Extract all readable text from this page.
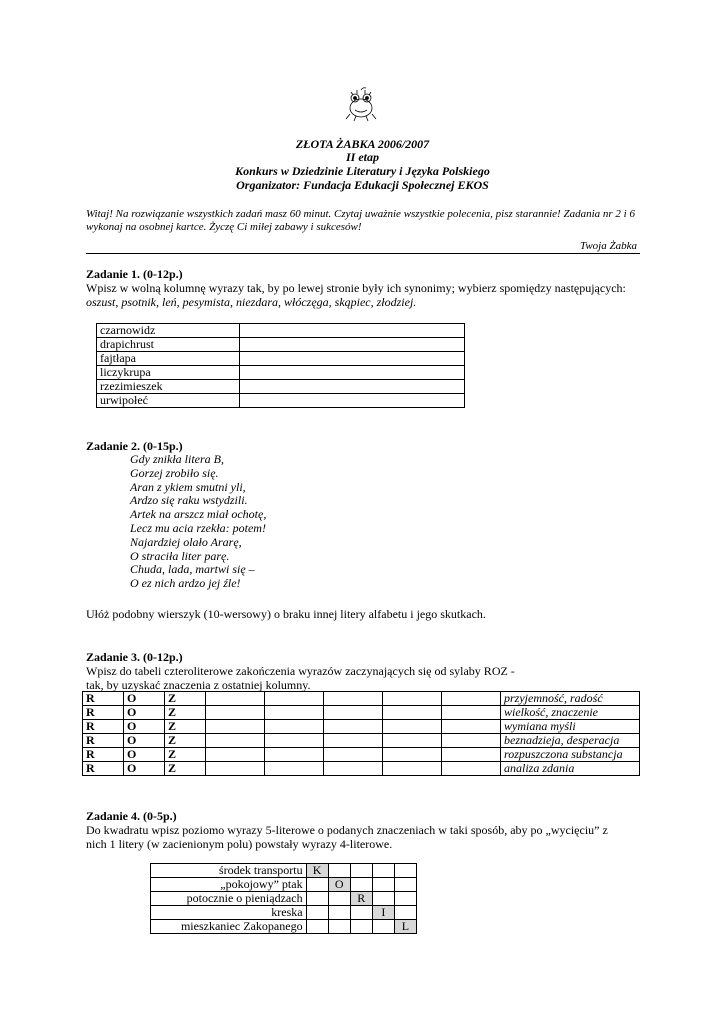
ZŁOTA ŻABKA 2006/2007
II etap
Konkurs w Dziedzinie Literatury i Języka Polskiego
Organizator: Fundacja Edukacji Społecznej EKOS
Witaj! Na rozwiązanie wszystkich zadań masz 60 minut. Czytaj uważnie wszystkie polecenia, pisz starannie! Zadania nr 2 i 6 wykonaj na osobnej kartce. Życzę Ci miłej zabawy i sukcesów!
Twoja Żabka
Zadanie 1. (0-12p.)
Wpisz w wolną kolumnę wyrazy tak, by po lewej stronie były ich synonimy; wybierz spomiędzy następujących:
oszust, psotnik, leń, pesymista, niezdara, włóczęga, skąpiec, złodziej.
czarnowidz	
drapichrust	
fajtłapa	
liczykrupa	
rzezimieszek	
urwipołeć	
Zadanie 2. (0-15p.)
Gdy znikła litera B,
Gorzej zrobiło się.
Aran z ykiem smutni yli,
Ardzo się raku wstydzili.
Artek na arszcz miał ochotę,
Lecz mu acia rzekła: potem!
Najardziej olało Ararę,
O straciła liter parę.
Chuda, lada, martwi się –
O ez nich ardzo jej źle!
Ułóż podobny wierszyk (10-wersowy) o braku innej litery alfabetu i jego skutkach.
Zadanie 3. (0-12p.)
Wpisz do tabeli czteroliterowe zakończenia wyrazów zaczynających się od sylaby ROZ -
tak, by uzyskać znaczenia z ostatniej kolumny.
R	O	Z						przyjemność, radość
R	O	Z						wielkość, znaczenie
R	O	Z						wymiana myśli
R	O	Z						beznadzieja, desperacja
R	O	Z						rozpuszczona substancja
R	O	Z						analiza zdania
Zadanie 4. (0-5p.)
Do kwadratu wpisz poziomo wyrazy 5-literowe o podanych znaczeniach w taki sposób, aby po „wycięciu” z
nich 1 litery (w zacienionym polu) powstały wyrazy 4-literowe.
środek transportu	K				
„pokojowy” ptak		O			
potocznie o pieniądzach			R		
kreska				I	
mieszkaniec Zakopanego					L
